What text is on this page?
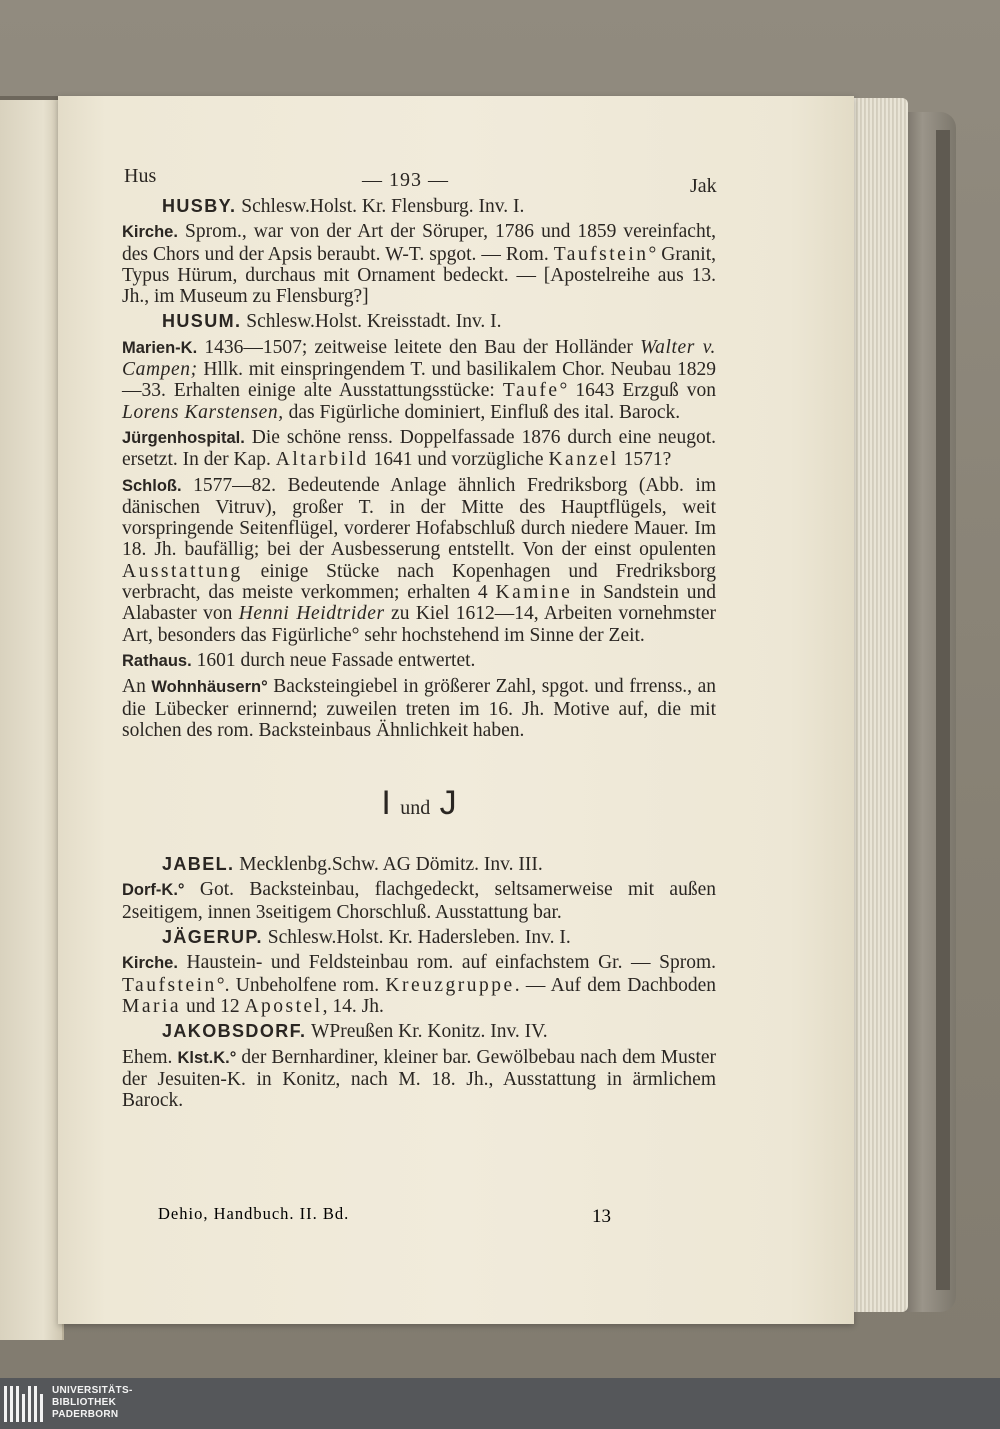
Hus	— 193 —	Jak

HUSBY. Schlesw.Holst. Kr. Flensburg. Inv. I.

Kirche. Sprom., war von der Art der Söruper, 1786 und 1859 vereinfacht, des Chors und der Apsis beraubt. W-T. spgot. — Rom. Taufstein° Granit, Typus Hürum, durchaus mit Ornament bedeckt. — [Apostelreihe aus 13. Jh., im Museum zu Flensburg?]

HUSUM. Schlesw.Holst. Kreisstadt. Inv. I.

Marien-K. 1436—1507; zeitweise leitete den Bau der Holländer Walter v. Campen; Hllk. mit einspringendem T. und basilikalem Chor. Neubau 1829—33. Erhalten einige alte Ausstattungsstücke: Taufe° 1643 Erzguß von Lorens Karstensen, das Figürliche dominiert, Einfluß des ital. Barock.

Jürgenhospital. Die schöne renss. Doppelfassade 1876 durch eine neugot. ersetzt. In der Kap. Altarbild 1641 und vorzügliche Kanzel 1571?

Schloß. 1577—82. Bedeutende Anlage ähnlich Fredriksborg (Abb. im dänischen Vitruv), großer T. in der Mitte des Hauptflügels, weit vorspringende Seitenflügel, vorderer Hofabschluß durch niedere Mauer. Im 18. Jh. baufällig; bei der Ausbesserung entstellt. Von der einst opulenten Ausstattung einige Stücke nach Kopenhagen und Fredriksborg verbracht, das meiste verkommen; erhalten 4 Kamine in Sandstein und Alabaster von Henni Heidtrider zu Kiel 1612—14, Arbeiten vornehmster Art, besonders das Figürliche° sehr hochstehend im Sinne der Zeit.

Rathaus. 1601 durch neue Fassade entwertet.

An Wohnhäusern° Backsteingiebel in größerer Zahl, spgot. und frrenss., an die Lübecker erinnernd; zuweilen treten im 16. Jh. Motive auf, die mit solchen des rom. Backsteinbaus Ähnlichkeit haben.

I und J

JABEL. Mecklenbg.Schw. AG Dömitz. Inv. III.

Dorf-K.° Got. Backsteinbau, flachgedeckt, seltsamerweise mit außen 2seitigem, innen 3seitigem Chorschluß. Ausstattung bar.

JÄGERUP. Schlesw.Holst. Kr. Hadersleben. Inv. I.

Kirche. Haustein- und Feldsteinbau rom. auf einfachstem Gr. — Sprom. Taufstein°. Unbeholfene rom. Kreuzgruppe. — Auf dem Dachboden Maria und 12 Apostel, 14. Jh.

JAKOBSDORF. WPreußen Kr. Konitz. Inv. IV.

Ehem. Klst.K.° der Bernhardiner, kleiner bar. Gewölbebau nach dem Muster der Jesuiten-K. in Konitz, nach M. 18. Jh., Ausstattung in ärmlichem Barock.

Dehio, Handbuch. II. Bd.	13
UNIVERSITÄTS-
BIBLIOTHEK
PADERBORN
